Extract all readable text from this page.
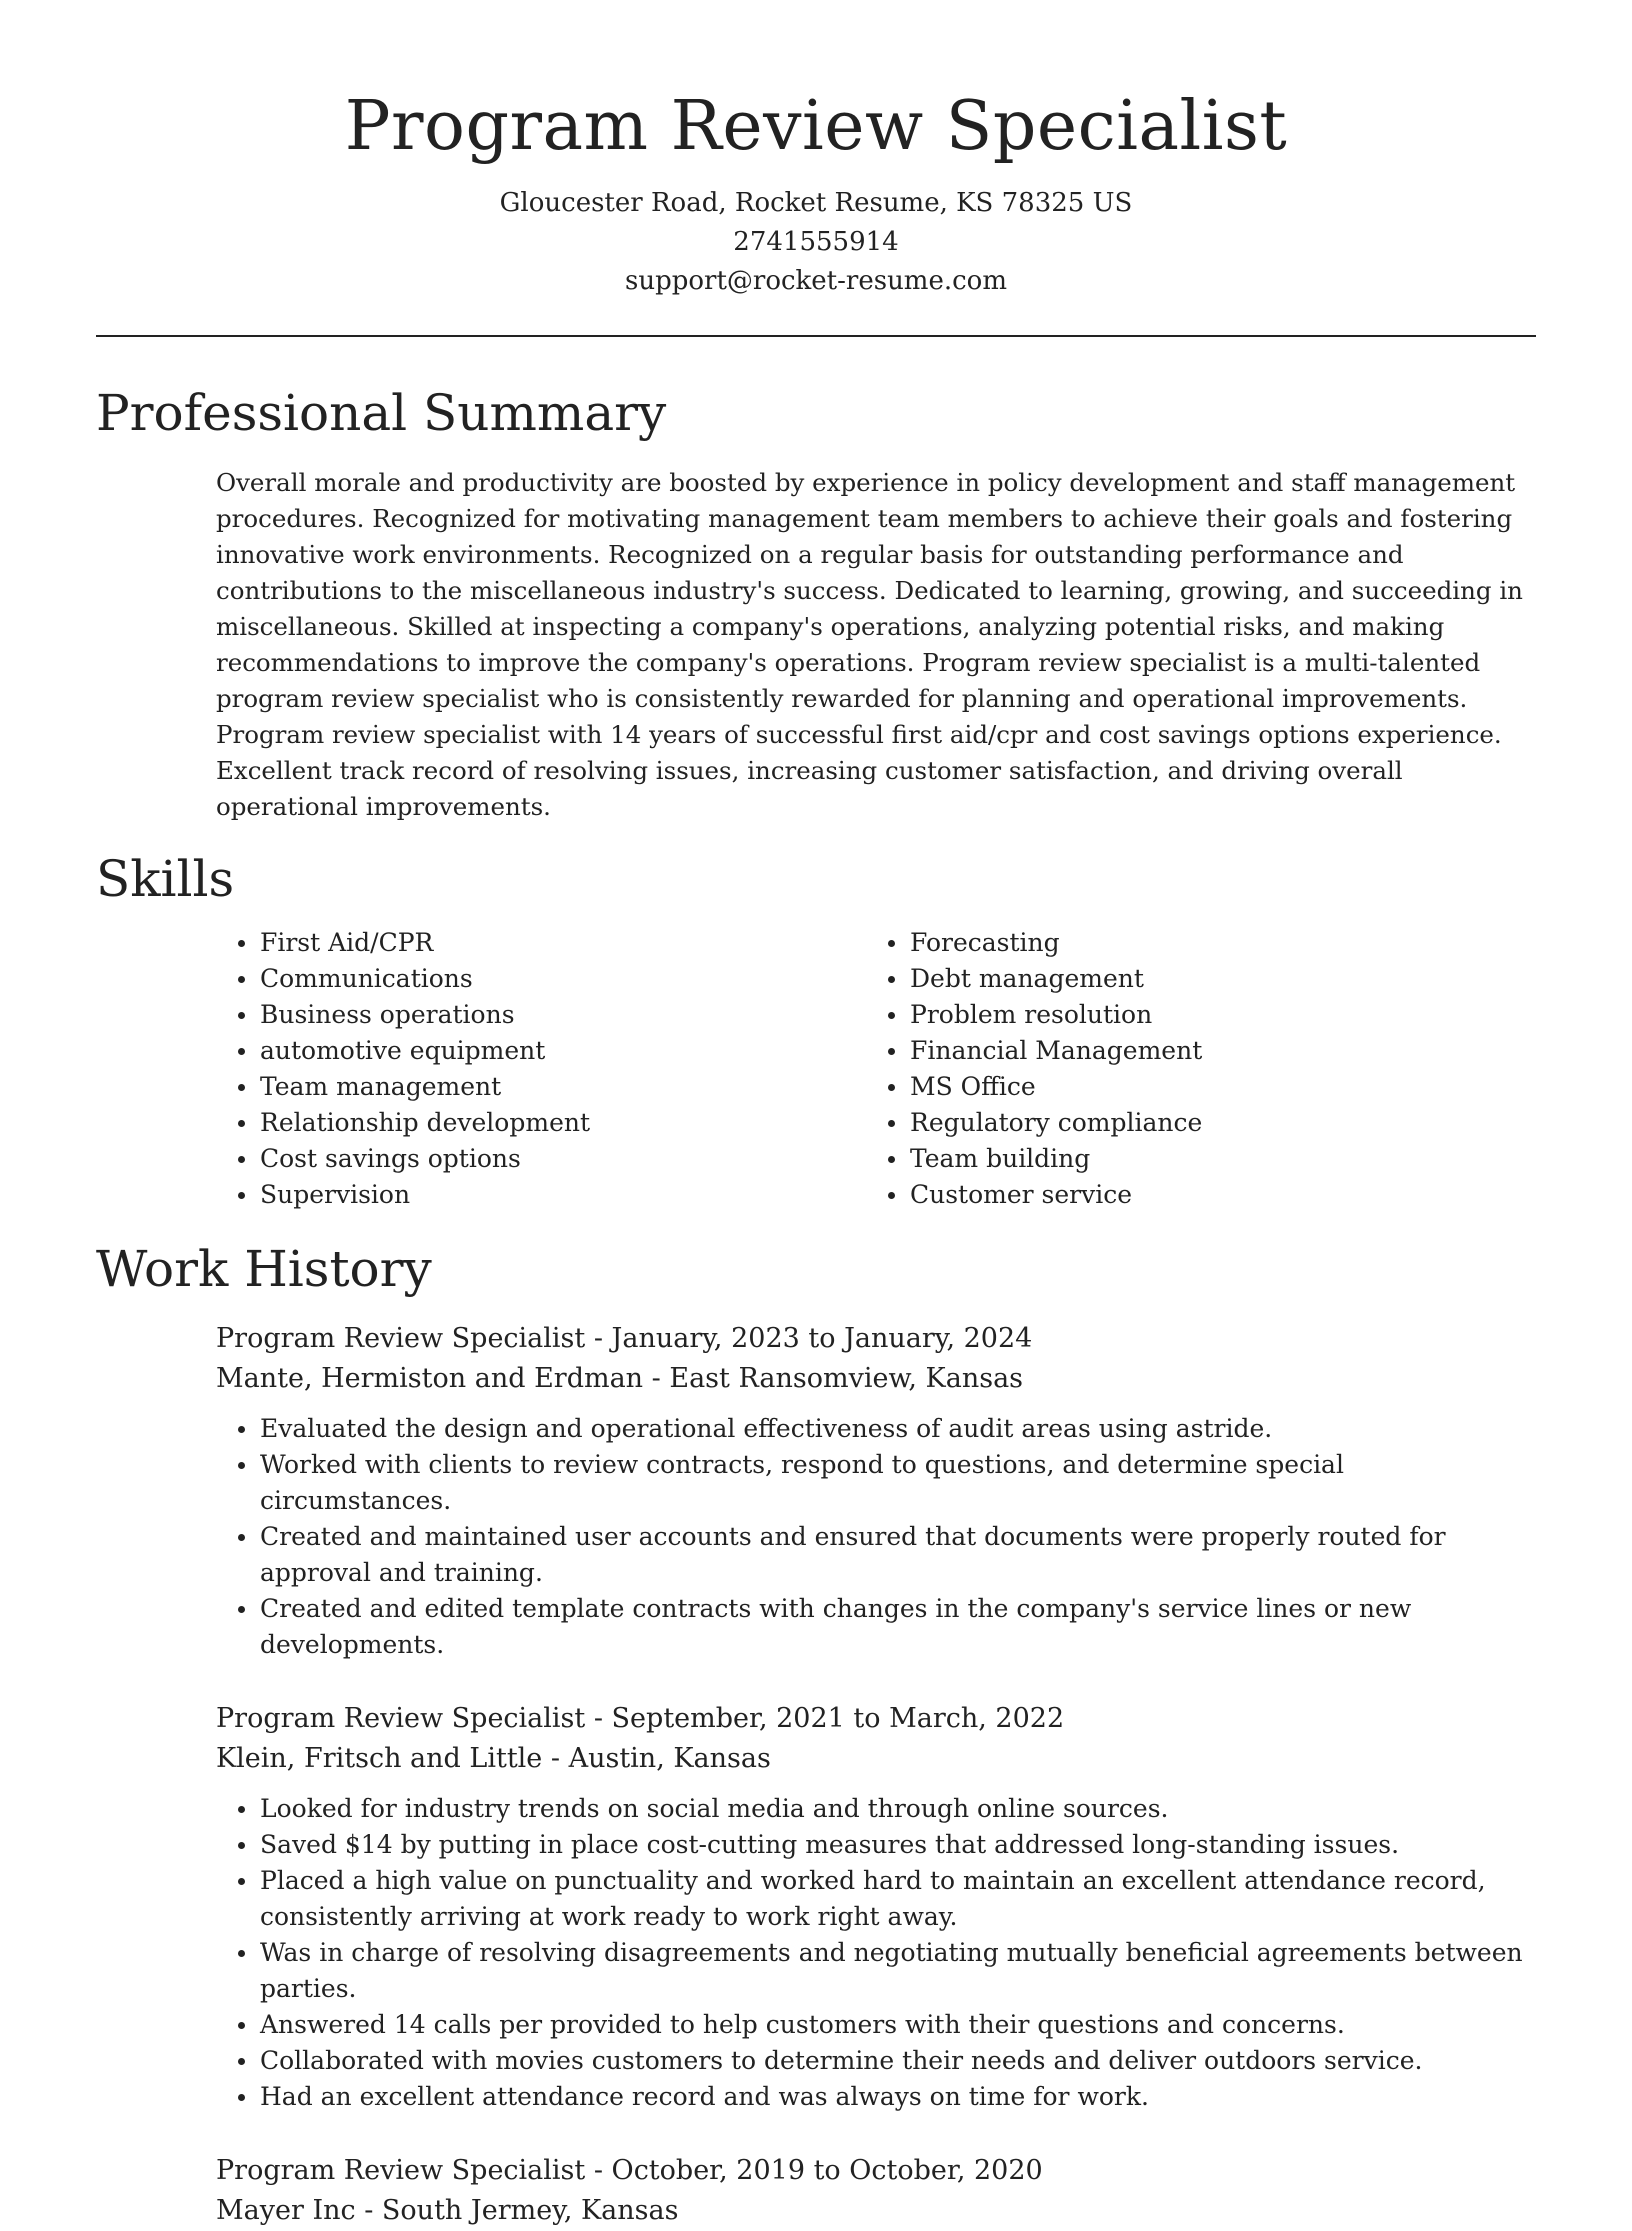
Program Review Specialist
Gloucester Road, Rocket Resume, KS 78325 US
2741555914
support@rocket-resume.com
Professional Summary

Overall morale and productivity are boosted by experience in policy development and staff management procedures. Recognized for motivating management team members to achieve their goals and fostering innovative work environments. Recognized on a regular basis for outstanding performance and contributions to the miscellaneous industry's success. Dedicated to learning, growing, and succeeding in miscellaneous. Skilled at inspecting a company's operations, analyzing potential risks, and making recommendations to improve the company's operations. Program review specialist is a multi-talented program review specialist who is consistently rewarded for planning and operational improvements. Program review specialist with 14 years of successful first aid/cpr and cost savings options experience. Excellent track record of resolving issues, increasing customer satisfaction, and driving overall operational improvements.

Skills
First Aid/CPR
Communications
Business operations
automotive equipment
Team management
Relationship development
Cost savings options
Supervision
Forecasting
Debt management
Problem resolution
Financial Management
MS Office
Regulatory compliance
Team building
Customer service
Work History
Program Review Specialist - January, 2023 to January, 2024
Mante, Hermiston and Erdman - East Ransomview, Kansas
Evaluated the design and operational effectiveness of audit areas using astride.
Worked with clients to review contracts, respond to questions, and determine special circumstances.
Created and maintained user accounts and ensured that documents were properly routed for approval and training.
Created and edited template contracts with changes in the company's service lines or new developments.
Program Review Specialist - September, 2021 to March, 2022
Klein, Fritsch and Little - Austin, Kansas
Looked for industry trends on social media and through online sources.
Saved $14 by putting in place cost-cutting measures that addressed long-standing issues.
Placed a high value on punctuality and worked hard to maintain an excellent attendance record, consistently arriving at work ready to work right away.
Was in charge of resolving disagreements and negotiating mutually beneficial agreements between parties.
Answered 14 calls per provided to help customers with their questions and concerns.
Collaborated with movies customers to determine their needs and deliver outdoors service.
Had an excellent attendance record and was always on time for work.
Program Review Specialist - October, 2019 to October, 2020
Mayer Inc - South Jermey, Kansas
